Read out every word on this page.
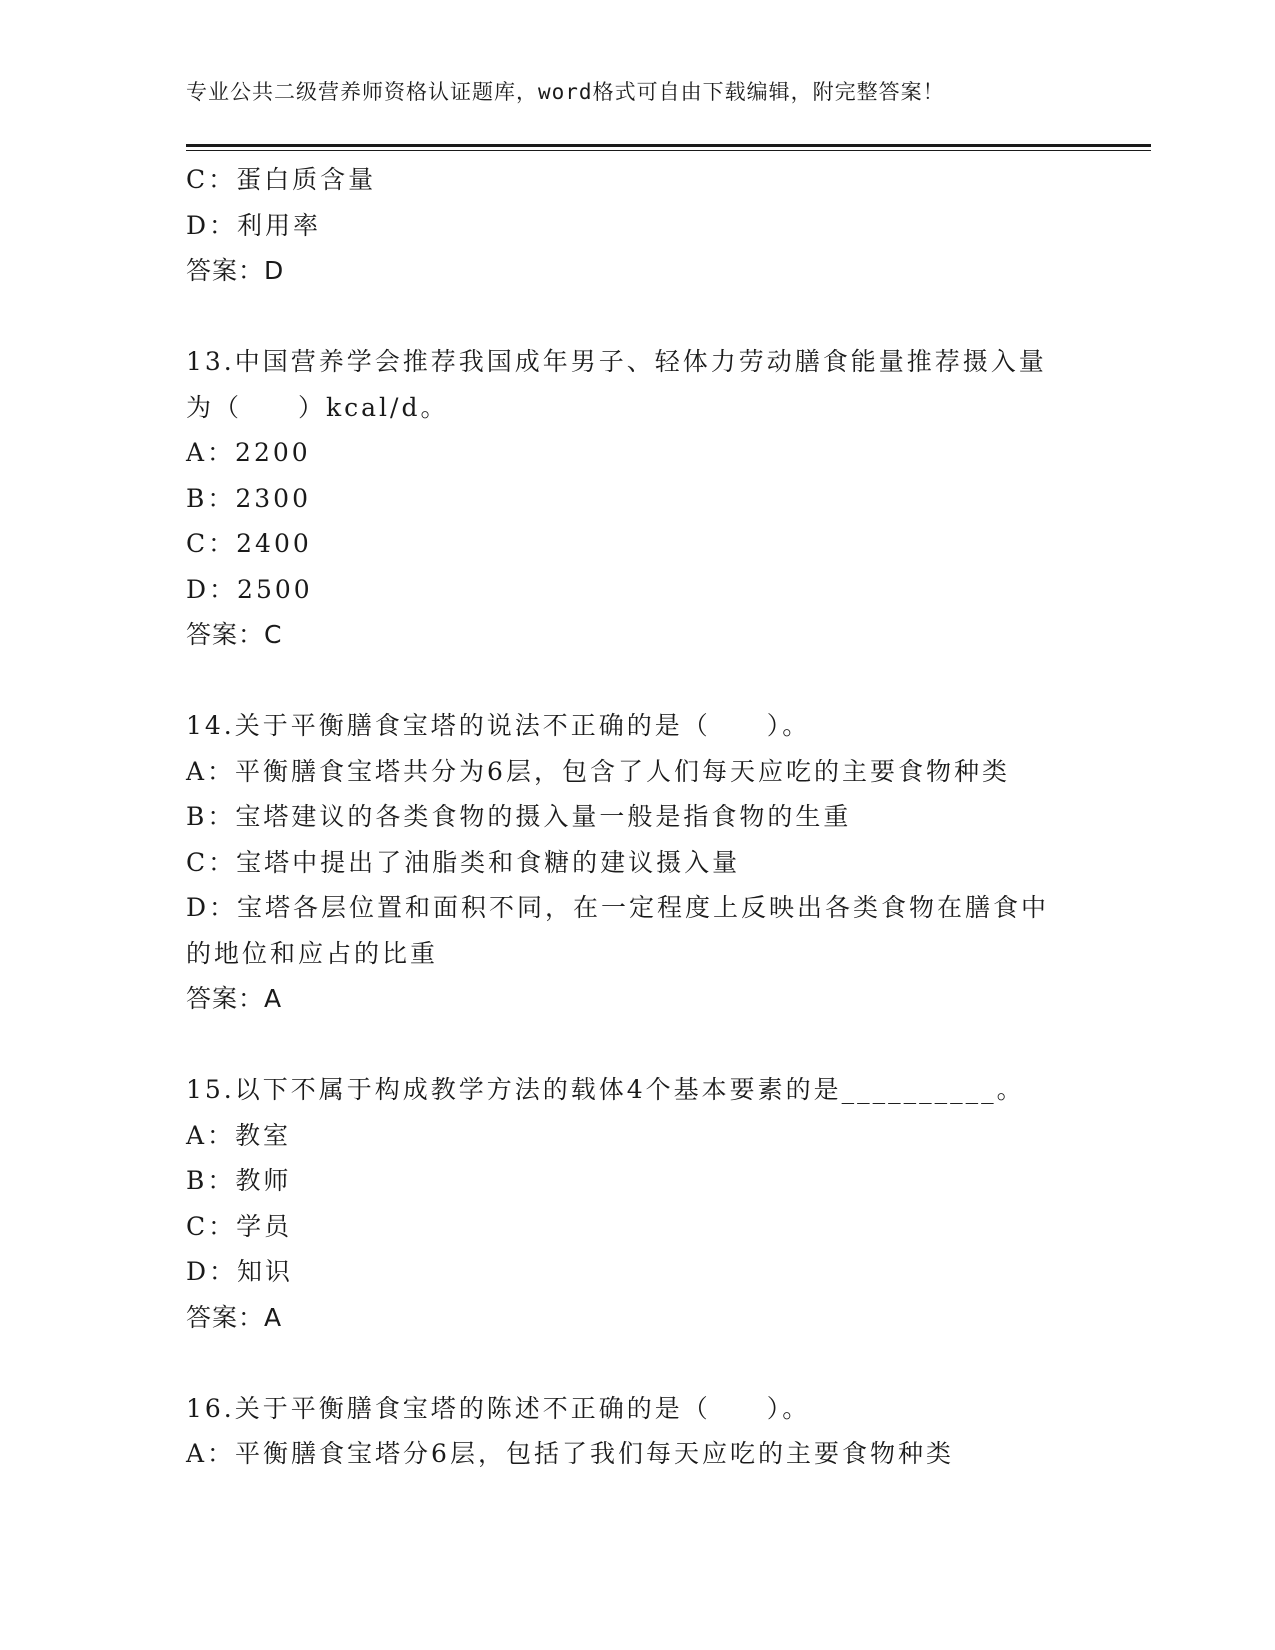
专业公共二级营养师资格认证题库，word格式可自由下载编辑，附完整答案！
C：蛋白质含量
D：利用率
答案：D
13.中国营养学会推荐我国成年男子、轻体力劳动膳食能量推荐摄入量
为（　　）kcal/d。
A：2200
B：2300
C：2400
D：2500
答案：C
14.关于平衡膳食宝塔的说法不正确的是（　　）。
A：平衡膳食宝塔共分为6层，包含了人们每天应吃的主要食物种类
B：宝塔建议的各类食物的摄入量一般是指食物的生重
C：宝塔中提出了油脂类和食糖的建议摄入量
D：宝塔各层位置和面积不同，在一定程度上反映出各类食物在膳食中
的地位和应占的比重
答案：A
15.以下不属于构成教学方法的载体4个基本要素的是__________。
A：教室
B：教师
C：学员
D：知识
答案：A
16.关于平衡膳食宝塔的陈述不正确的是（　　）。
A：平衡膳食宝塔分6层，包括了我们每天应吃的主要食物种类
